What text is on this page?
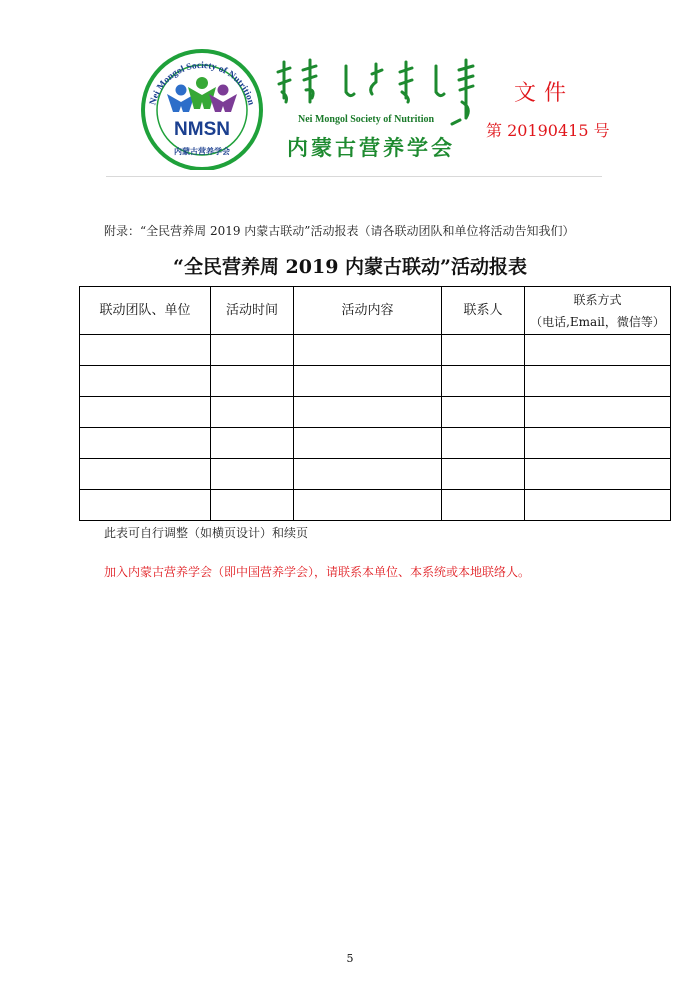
Nei Mongol Society of Nutrition
NMSN
内蒙古营养学会
Nei Mongol Society of Nutrition
内蒙古营养学会
文件
第 20190415 号
附录：“全民营养周 2019 内蒙古联动”活动报表（请各联动团队和单位将活动告知我们）
“全民营养周 2019 内蒙古联动”活动报表
联动团队、单位	活动时间	活动内容	联系人	联系方式
（电话,Email，微信等）

此表可自行调整（如横页设计）和续页
加入内蒙古营养学会（即中国营养学会），请联系本单位、本系统或本地联络人。
5
